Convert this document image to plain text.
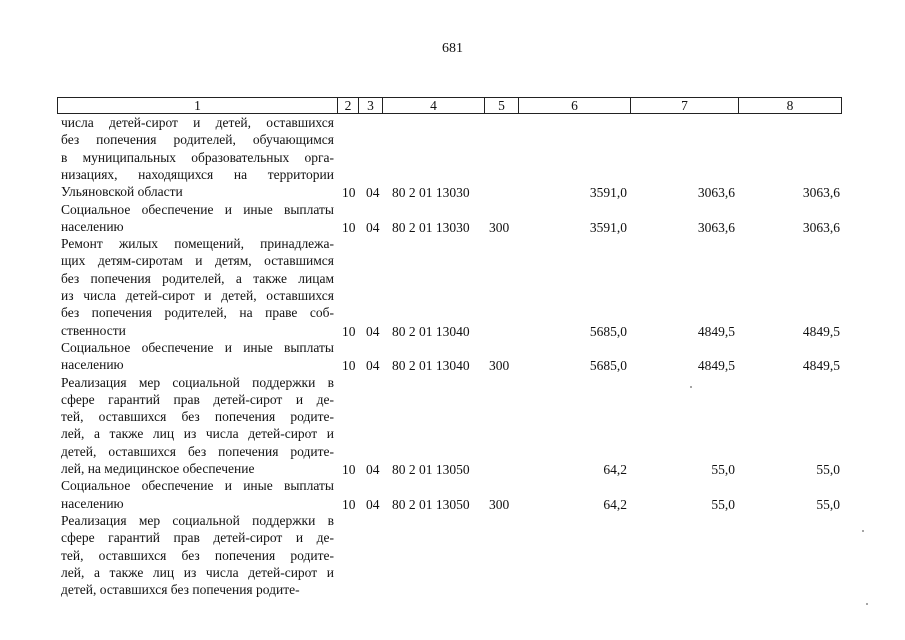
681
1	2	3	4	5	6	7	8
числа детей-сирот и детей, оставшихся
без попечения родителей, обучающимся
в муниципальных образовательных орга-
низациях, находящихся на территории
Ульяновской области	10 04 80 2 01 13030	3591,0	3063,6	3063,6
Социальное обеспечение и иные выплаты
населению	10 04 80 2 01 13030 300	3591,0	3063,6	3063,6
Ремонт жилых помещений, принадлежа-
щих детям-сиротам и детям, оставшимся
без попечения родителей, а также лицам
из числа детей-сирот и детей, оставшихся
без попечения родителей, на праве соб-
ственности	10 04 80 2 01 13040	5685,0	4849,5	4849,5
Социальное обеспечение и иные выплаты
населению	10 04 80 2 01 13040 300	5685,0	4849,5	4849,5
Реализация мер социальной поддержки в
сфере гарантий прав детей-сирот и де-
тей, оставшихся без попечения родите-
лей, а также лиц из числа детей-сирот и
детей, оставшихся без попечения родите-
лей, на медицинское обеспечение	10 04 80 2 01 13050	64,2	55,0	55,0
Социальное обеспечение и иные выплаты
населению	10 04 80 2 01 13050 300	64,2	55,0	55,0
Реализация мер социальной поддержки в
сфере гарантий прав детей-сирот и де-
тей, оставшихся без попечения родите-
лей, а также лиц из числа детей-сирот и
детей, оставшихся без попечения родите-
